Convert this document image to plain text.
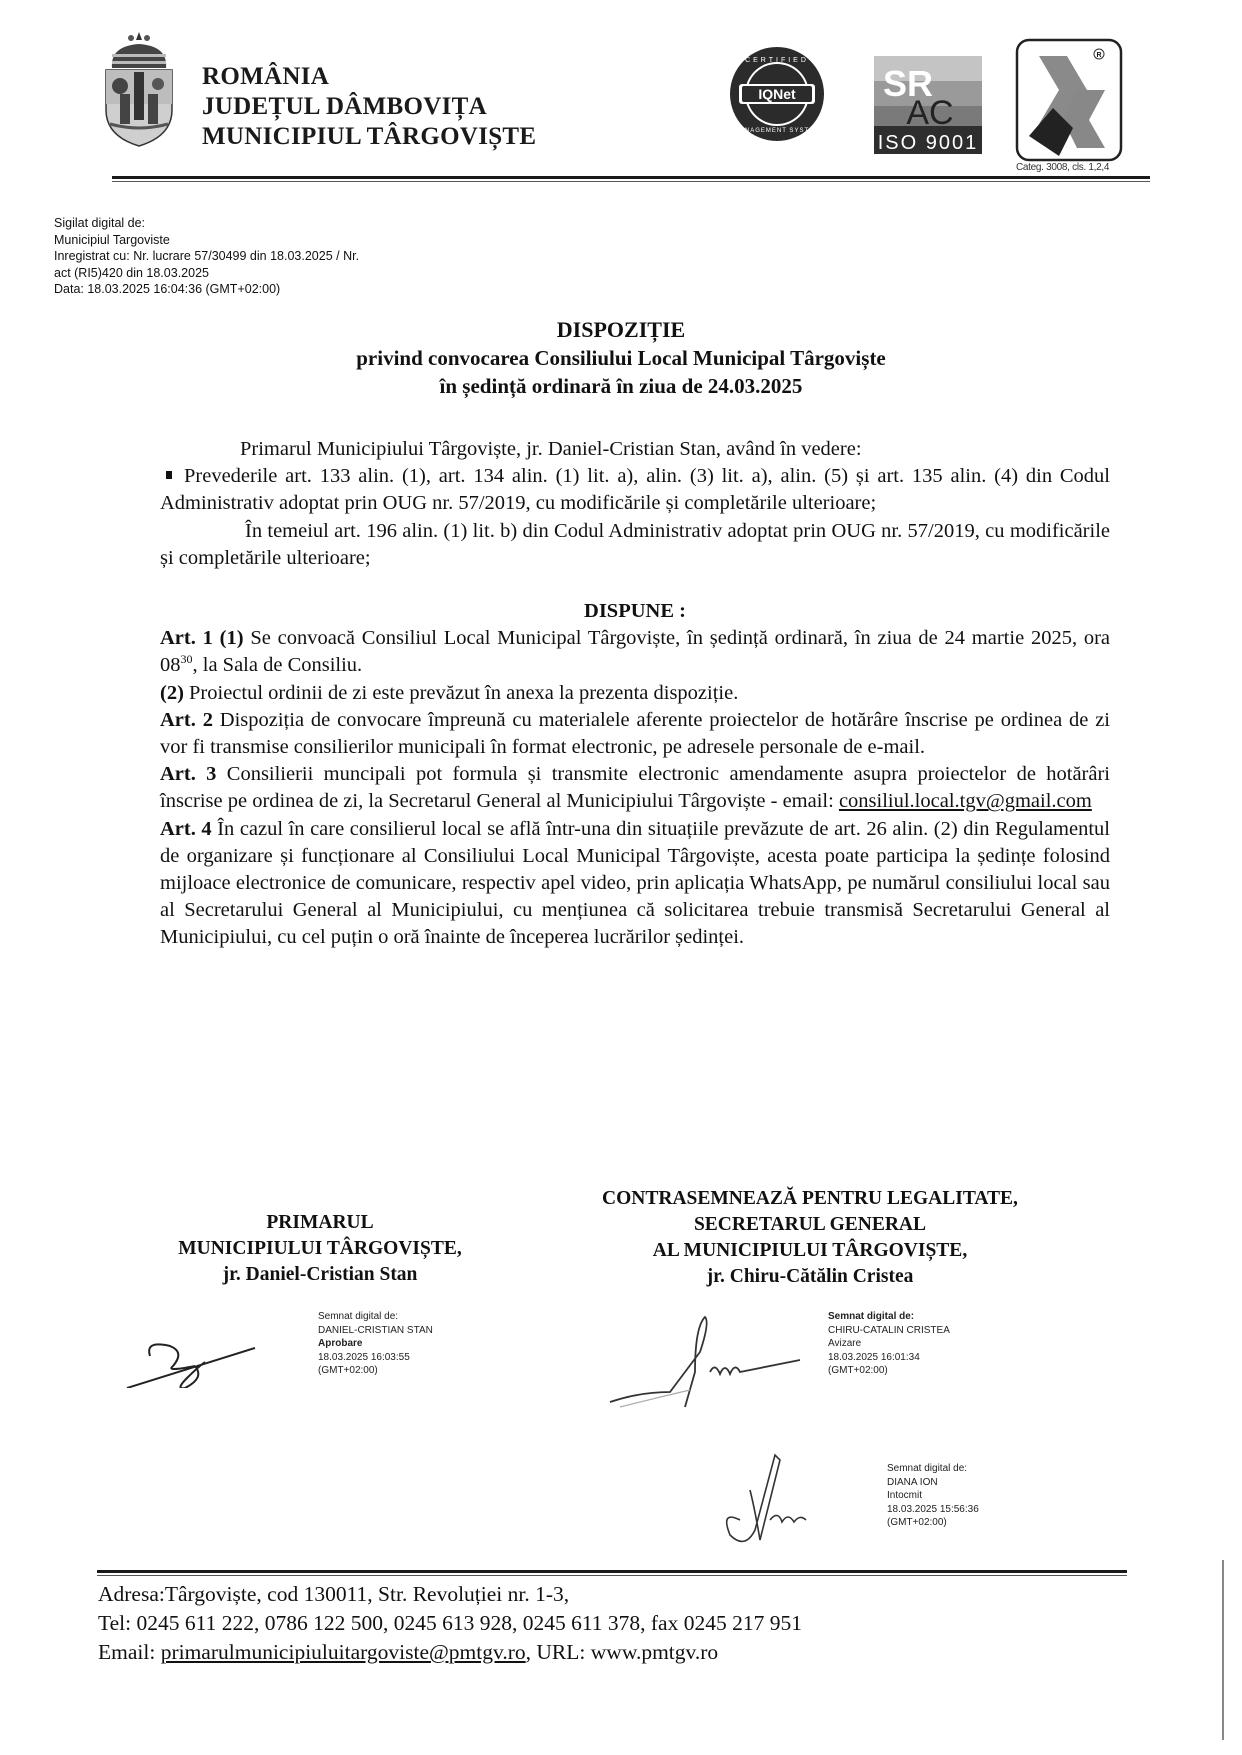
ROMÂNIA
JUDEȚUL DÂMBOVIȚA
MUNICIPIUL TÂRGOVIȘTE
IQNet
CERTIFIED
MANAGEMENT SYSTEM
SR
AC
ISO 9001
R
Categ. 3008, cls. 1,2,4
Sigilat digital de:
Municipiul Targoviste
Inregistrat cu: Nr. lucrare 57/30499 din 18.03.2025 / Nr.
act (RI5)420 din 18.03.2025
Data: 18.03.2025 16:04:36 (GMT+02:00)
DISPOZIȚIE
privind convocarea Consiliului Local Municipal Târgoviște
în ședință ordinară în ziua de 24.03.2025

Primarul Municipiului Târgoviște, jr. Daniel-Cristian Stan, având în vedere:

Prevederile art. 133 alin. (1), art. 134 alin. (1) lit. a), alin. (3) lit. a), alin. (5) și art. 135 alin. (4) din Codul Administrativ adoptat prin OUG nr. 57/2019, cu modificările și completările ulterioare;

În temeiul art. 196 alin. (1) lit. b) din Codul Administrativ adoptat prin OUG nr. 57/2019, cu modificările și completările ulterioare;

DISPUNE :

Art. 1 (1) Se convoacă Consiliul Local Municipal Târgoviște, în ședință ordinară, în ziua de 24 martie 2025, ora $08^{30}$, la Sala de Consiliu.

(2) Proiectul ordinii de zi este prevăzut în anexa la prezenta dispoziție.

Art. 2 Dispoziția de convocare împreună cu materialele aferente proiectelor de hotărâre înscrise pe ordinea de zi vor fi transmise consilierilor municipali în format electronic, pe adresele personale de e-mail.

Art. 3 Consilierii muncipali pot formula și transmite electronic amendamente asupra proiectelor de hotărâri înscrise pe ordinea de zi, la Secretarul General al Municipiului Târgoviște - email: consiliul.local.tgv@gmail.com

Art. 4 În cazul în care consilierul local se află într-una din situațiile prevăzute de art. 26 alin. (2) din Regulamentul de organizare și funcționare al Consiliului Local Municipal Târgoviște, acesta poate participa la ședințe folosind mijloace electronice de comunicare, respectiv apel video, prin aplicația WhatsApp, pe numărul consiliului local sau al Secretarului General al Municipiului, cu mențiunea că solicitarea trebuie transmisă Secretarului General al Municipiului, cu cel puțin o oră înainte de începerea lucrărilor ședinței.

PRIMARUL
MUNICIPIULUI TÂRGOVIȘTE,
jr. Daniel-Cristian Stan
CONTRASEMNEAZĂ PENTRU LEGALITATE,
SECRETARUL GENERAL
AL MUNICIPIULUI TÂRGOVIȘTE,
jr. Chiru-Cătălin Cristea
Semnat digital de:
DANIEL-CRISTIAN STAN
Aprobare
18.03.2025 16:03:55
(GMT+02:00)
Semnat digital de:
CHIRU-CATALIN CRISTEA
Avizare
18.03.2025 16:01:34
(GMT+02:00)
Semnat digital de:
DIANA ION
Intocmit
18.03.2025 15:56:36
(GMT+02:00)
Adresa:Târgoviște, cod 130011, Str. Revoluției nr. 1-3,
Tel: 0245 611 222, 0786 122 500, 0245 613 928, 0245 611 378, fax 0245 217 951
Email: primarulmunicipiuluitargoviste@pmtgv.ro, URL: www.pmtgv.ro
